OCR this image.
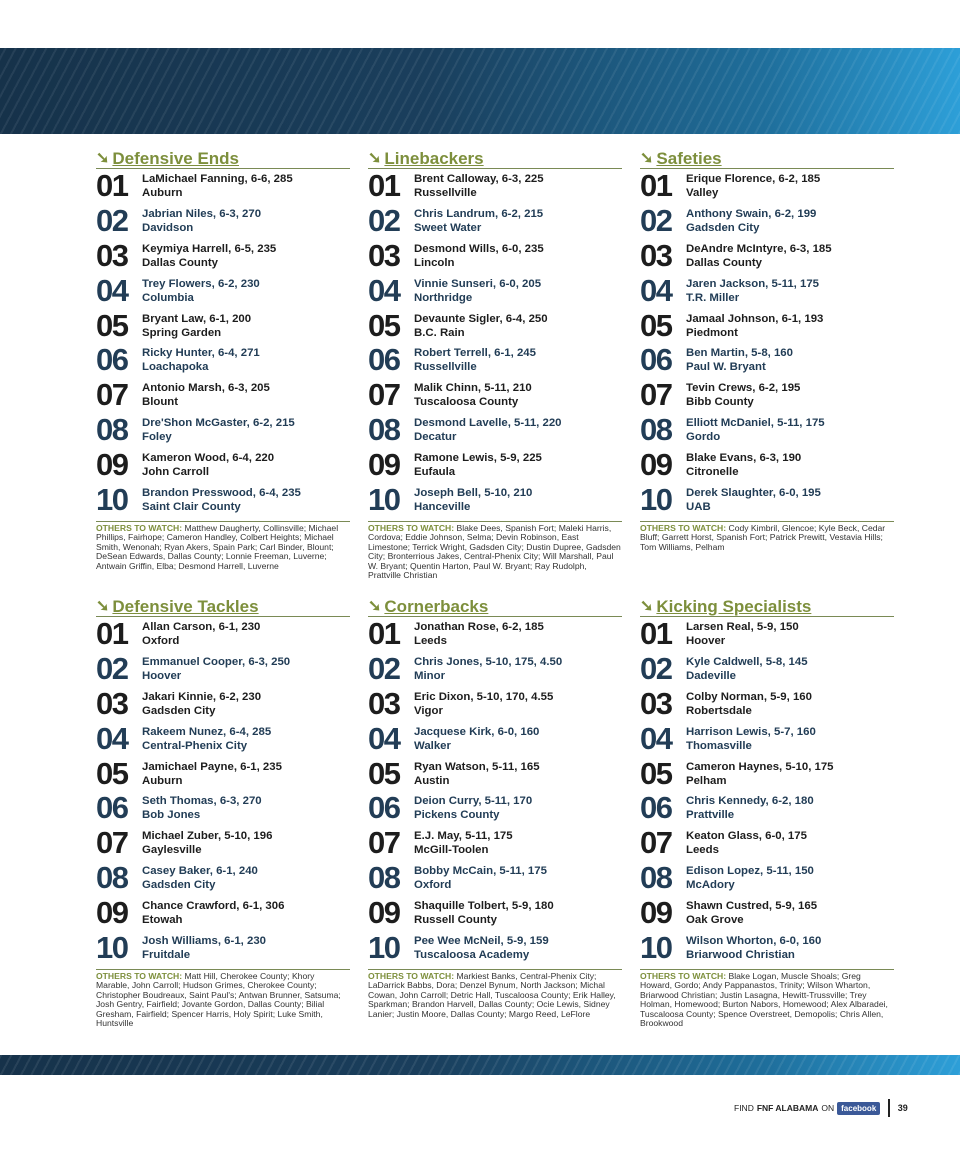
➘ Defensive Ends
01	LaMichael Fanning, 6-6, 285
Auburn
02	Jabrian Niles, 6-3, 270
Davidson
03	Keymiya Harrell, 6-5, 235
Dallas County
04	Trey Flowers, 6-2, 230
Columbia
05	Bryant Law, 6-1, 200
Spring Garden
06	Ricky Hunter, 6-4, 271
Loachapoka
07	Antonio Marsh, 6-3, 205
Blount
08	Dre'Shon McGaster, 6-2, 215
Foley
09	Kameron Wood, 6-4, 220
John Carroll
10	Brandon Presswood, 6-4, 235
Saint Clair County
OTHERS TO WATCH: Matthew Daugherty, Collinsville; Michael Phillips, Fairhope; Cameron Handley, Colbert Heights; Michael Smith, Wenonah; Ryan Akers, Spain Park; Carl Binder, Blount; DeSean Edwards, Dallas County; Lonnie Freeman, Luverne; Antwain Griffin, Elba; Desmond Harrell, Luverne
➘ Linebackers
01	Brent Calloway, 6-3, 225
Russellville
02	Chris Landrum, 6-2, 215
Sweet Water
03	Desmond Wills, 6-0, 235
Lincoln
04	Vinnie Sunseri, 6-0, 205
Northridge
05	Devaunte Sigler, 6-4, 250
B.C. Rain
06	Robert Terrell, 6-1, 245
Russellville
07	Malik Chinn, 5-11, 210
Tuscaloosa County
08	Desmond Lavelle, 5-11, 220
Decatur
09	Ramone Lewis, 5-9, 225
Eufaula
10	Joseph Bell, 5-10, 210
Hanceville
OTHERS TO WATCH: Blake Dees, Spanish Fort; Maleki Harris, Cordova; Eddie Johnson, Selma; Devin Robinson, East Limestone; Terrick Wright, Gadsden City; Dustin Dupree, Gadsden City; Bronterrious Jakes, Central-Phenix City; Will Marshall, Paul W. Bryant; Quentin Harton, Paul W. Bryant; Ray Rudolph, Prattville Christian
➘ Safeties
01	Erique Florence, 6-2, 185
Valley
02	Anthony Swain, 6-2, 199
Gadsden City
03	DeAndre McIntyre, 6-3, 185
Dallas County
04	Jaren Jackson, 5-11, 175
T.R. Miller
05	Jamaal Johnson, 6-1, 193
Piedmont
06	Ben Martin, 5-8, 160
Paul W. Bryant
07	Tevin Crews, 6-2, 195
Bibb County
08	Elliott McDaniel, 5-11, 175
Gordo
09	Blake Evans, 6-3, 190
Citronelle
10	Derek Slaughter, 6-0, 195
UAB
OTHERS TO WATCH: Cody Kimbril, Glencoe; Kyle Beck, Cedar Bluff; Garrett Horst, Spanish Fort; Patrick Prewitt, Vestavia Hills; Tom Williams, Pelham
➘ Defensive Tackles
01	Allan Carson, 6-1, 230
Oxford
02	Emmanuel Cooper, 6-3, 250
Hoover
03	Jakari Kinnie, 6-2, 230
Gadsden City
04	Rakeem Nunez, 6-4, 285
Central-Phenix City
05	Jamichael Payne, 6-1, 235
Auburn
06	Seth Thomas, 6-3, 270
Bob Jones
07	Michael Zuber, 5-10, 196
Gaylesville
08	Casey Baker, 6-1, 240
Gadsden City
09	Chance Crawford, 6-1, 306
Etowah
10	Josh Williams, 6-1, 230
Fruitdale
OTHERS TO WATCH: Matt Hill, Cherokee County; Khory Marable, John Carroll; Hudson Grimes, Cherokee County; Christopher Boudreaux, Saint Paul's; Antwan Brunner, Satsuma; Josh Gentry, Fairfield; Jovante Gordon, Dallas County; Bilial Gresham, Fairfield; Spencer Harris, Holy Spirit; Luke Smith, Huntsville
➘ Cornerbacks
01	Jonathan Rose, 6-2, 185
Leeds
02	Chris Jones, 5-10, 175, 4.50
Minor
03	Eric Dixon, 5-10, 170, 4.55
Vigor
04	Jacquese Kirk, 6-0, 160
Walker
05	Ryan Watson, 5-11, 165
Austin
06	Deion Curry, 5-11, 170
Pickens County
07	E.J. May, 5-11, 175
McGill-Toolen
08	Bobby McCain, 5-11, 175
Oxford
09	Shaquille Tolbert, 5-9, 180
Russell County
10	Pee Wee McNeil, 5-9, 159
Tuscaloosa Academy
OTHERS TO WATCH: Markiest Banks, Central-Phenix City; LaDarrick Babbs, Dora; Denzel Bynum, North Jackson; Michal Cowan, John Carroll; Detric Hall, Tuscaloosa County; Erik Halley, Sparkman; Brandon Harvell, Dallas County; Ocie Lewis, Sidney Lanier; Justin Moore, Dallas County; Margo Reed, LeFlore
➘ Kicking Specialists
01	Larsen Real, 5-9, 150
Hoover
02	Kyle Caldwell, 5-8, 145
Dadeville
03	Colby Norman, 5-9, 160
Robertsdale
04	Harrison Lewis, 5-7, 160
Thomasville
05	Cameron Haynes, 5-10, 175
Pelham
06	Chris Kennedy, 6-2, 180
Prattville
07	Keaton Glass, 6-0, 175
Leeds
08	Edison Lopez, 5-11, 150
McAdory
09	Shawn Custred, 5-9, 165
Oak Grove
10	Wilson Whorton, 6-0, 160
Briarwood Christian
OTHERS TO WATCH: Blake Logan, Muscle Shoals; Greg Howard, Gordo; Andy Pappanastos, Trinity; Wilson Wharton, Briarwood Christian; Justin Lasagna, Hewitt-Trussville; Trey Holman, Homewood; Burton Nabors, Homewood; Alex Albaradei, Tuscaloosa County; Spence Overstreet, Demopolis; Chris Allen, Brookwood
FIND FNF ALABAMA ON facebook	39
